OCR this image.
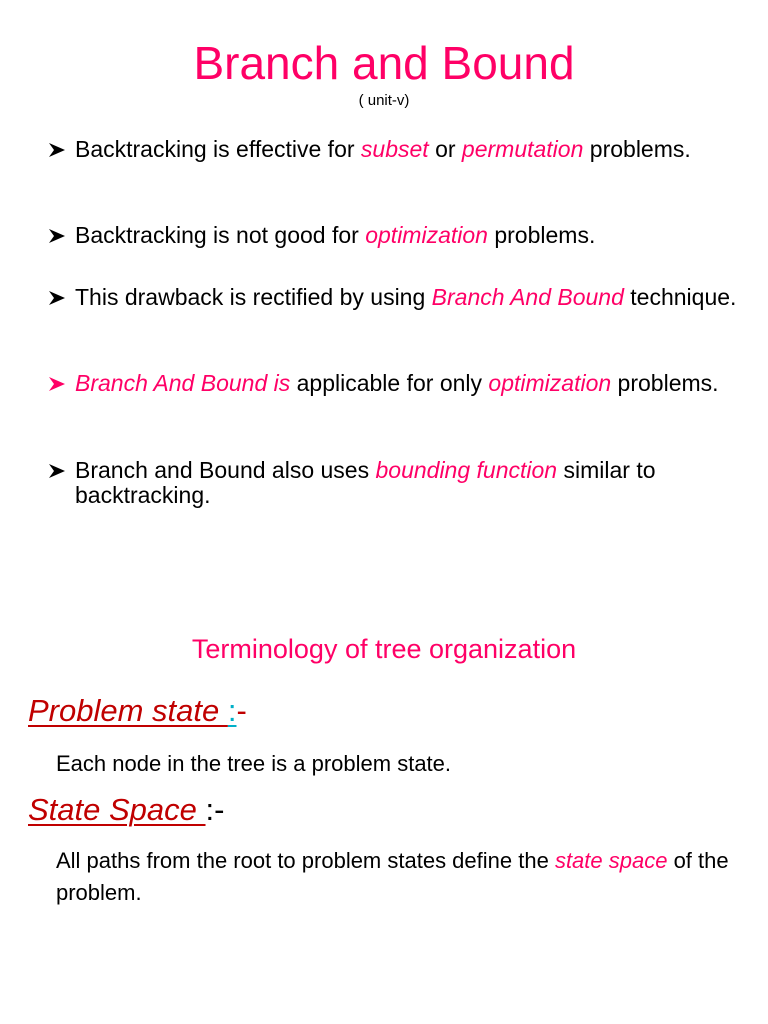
Branch and Bound
( unit-v)
Backtracking is effective for subset or permutation problems.
Backtracking is not good for optimization problems.
This drawback is rectified by using Branch And Bound technique.
Branch And Bound is applicable for only optimization problems.
Branch and Bound also uses bounding function similar to backtracking.
Terminology of tree organization
Problem state :-
Each node in the tree is a problem state.
State Space :-
All paths from the root to problem states define the state space of the problem.
